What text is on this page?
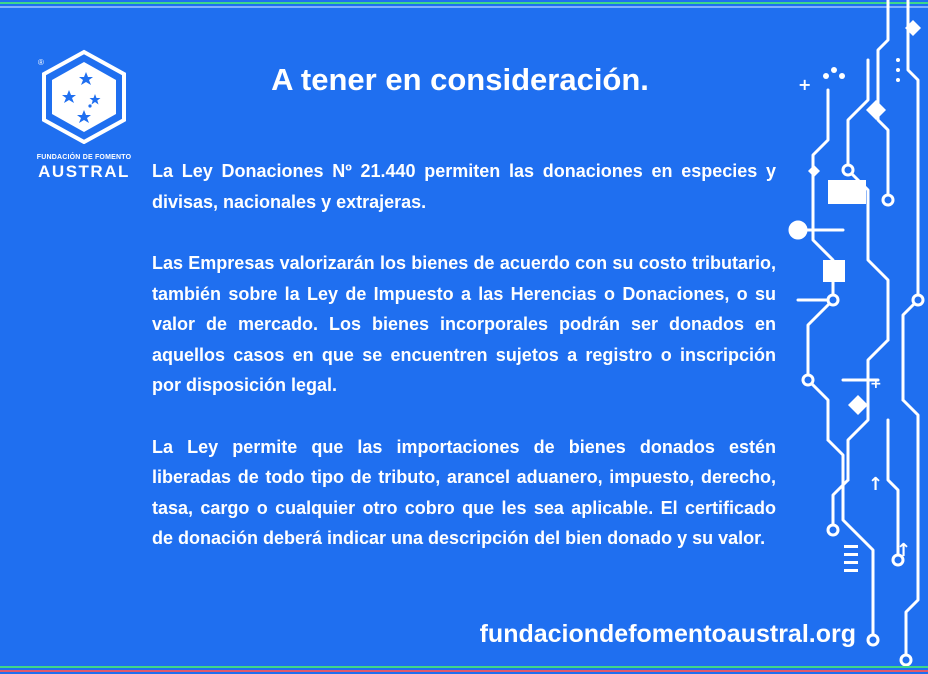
®
FUNDACIÓN DE FOMENTO
AUSTRAL
A tener en consideración.

La Ley Donaciones Nº 21.440 permiten las donaciones en especies y divisas, nacionales y extrajeras.

Las Empresas valorizarán los bienes de acuerdo con su costo tributario, también sobre la Ley de Impuesto a las Herencias o Donaciones, o su valor de mercado. Los bienes incorporales podrán ser donados en aquellos casos en que se encuentren sujetos a registro o inscripción por disposición legal.

La Ley permite que las importaciones de bienes donados estén liberadas de todo tipo de tributo, arancel aduanero, impuesto, derecho, tasa, cargo o cualquier otro cobro que les sea aplicable. El certificado de donación deberá indicar una descripción del bien donado y su valor.

fundaciondefomentoaustral.org
+
+
↑
↑
